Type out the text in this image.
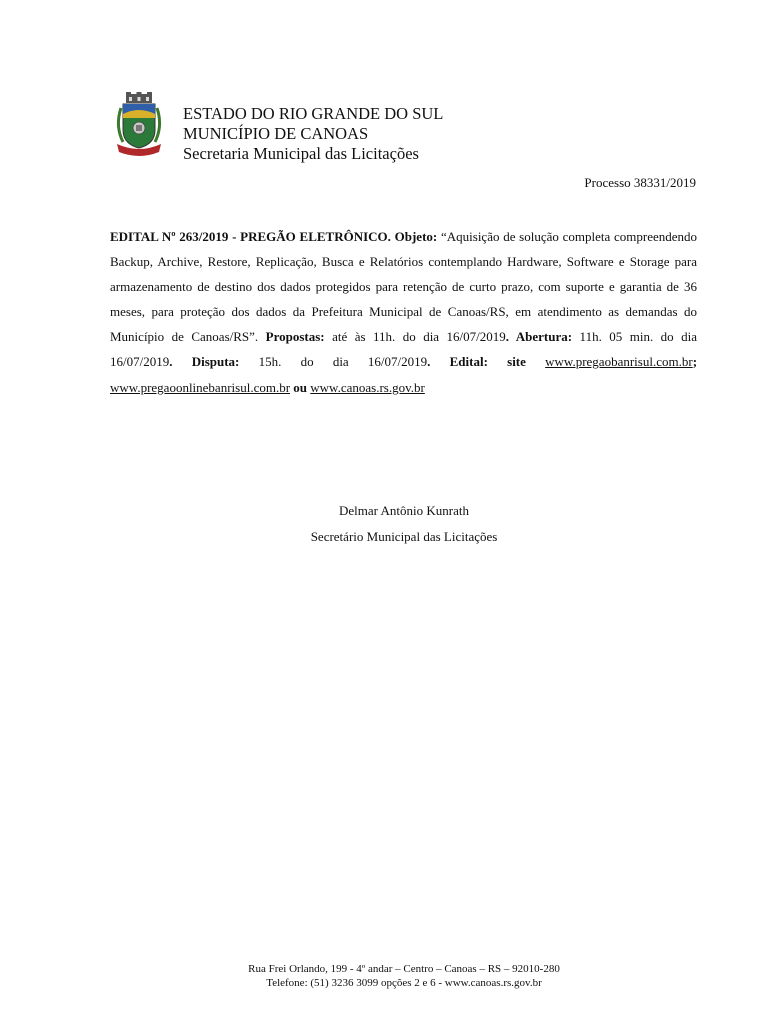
ESTADO DO RIO GRANDE DO SUL
MUNICÍPIO DE CANOAS
Secretaria Municipal das Licitações
Processo 38331/2019
EDITAL Nº 263/2019 - PREGÃO ELETRÔNICO. Objeto: “Aquisição de solução completa compreendendo Backup, Archive, Restore, Replicação, Busca e Relatórios contemplando Hardware, Software e Storage para armazenamento de destino dos dados protegidos para retenção de curto prazo, com suporte e garantia de 36 meses, para proteção dos dados da Prefeitura Municipal de Canoas/RS, em atendimento as demandas do Município de Canoas/RS”. Propostas: até às 11h. do dia 16/07/2019. Abertura: 11h. 05 min. do dia 16/07/2019. Disputa: 15h. do dia 16/07/2019. Edital: site www.pregaobanrisul.com.br; www.pregaoonlinebanrisul.com.br ou www.canoas.rs.gov.br
Delmar Antônio Kunrath
Secretário Municipal das Licitações
Rua Frei Orlando, 199 - 4º andar – Centro – Canoas – RS – 92010-280
Telefone: (51) 3236 3099 opções 2 e 6 - www.canoas.rs.gov.br
